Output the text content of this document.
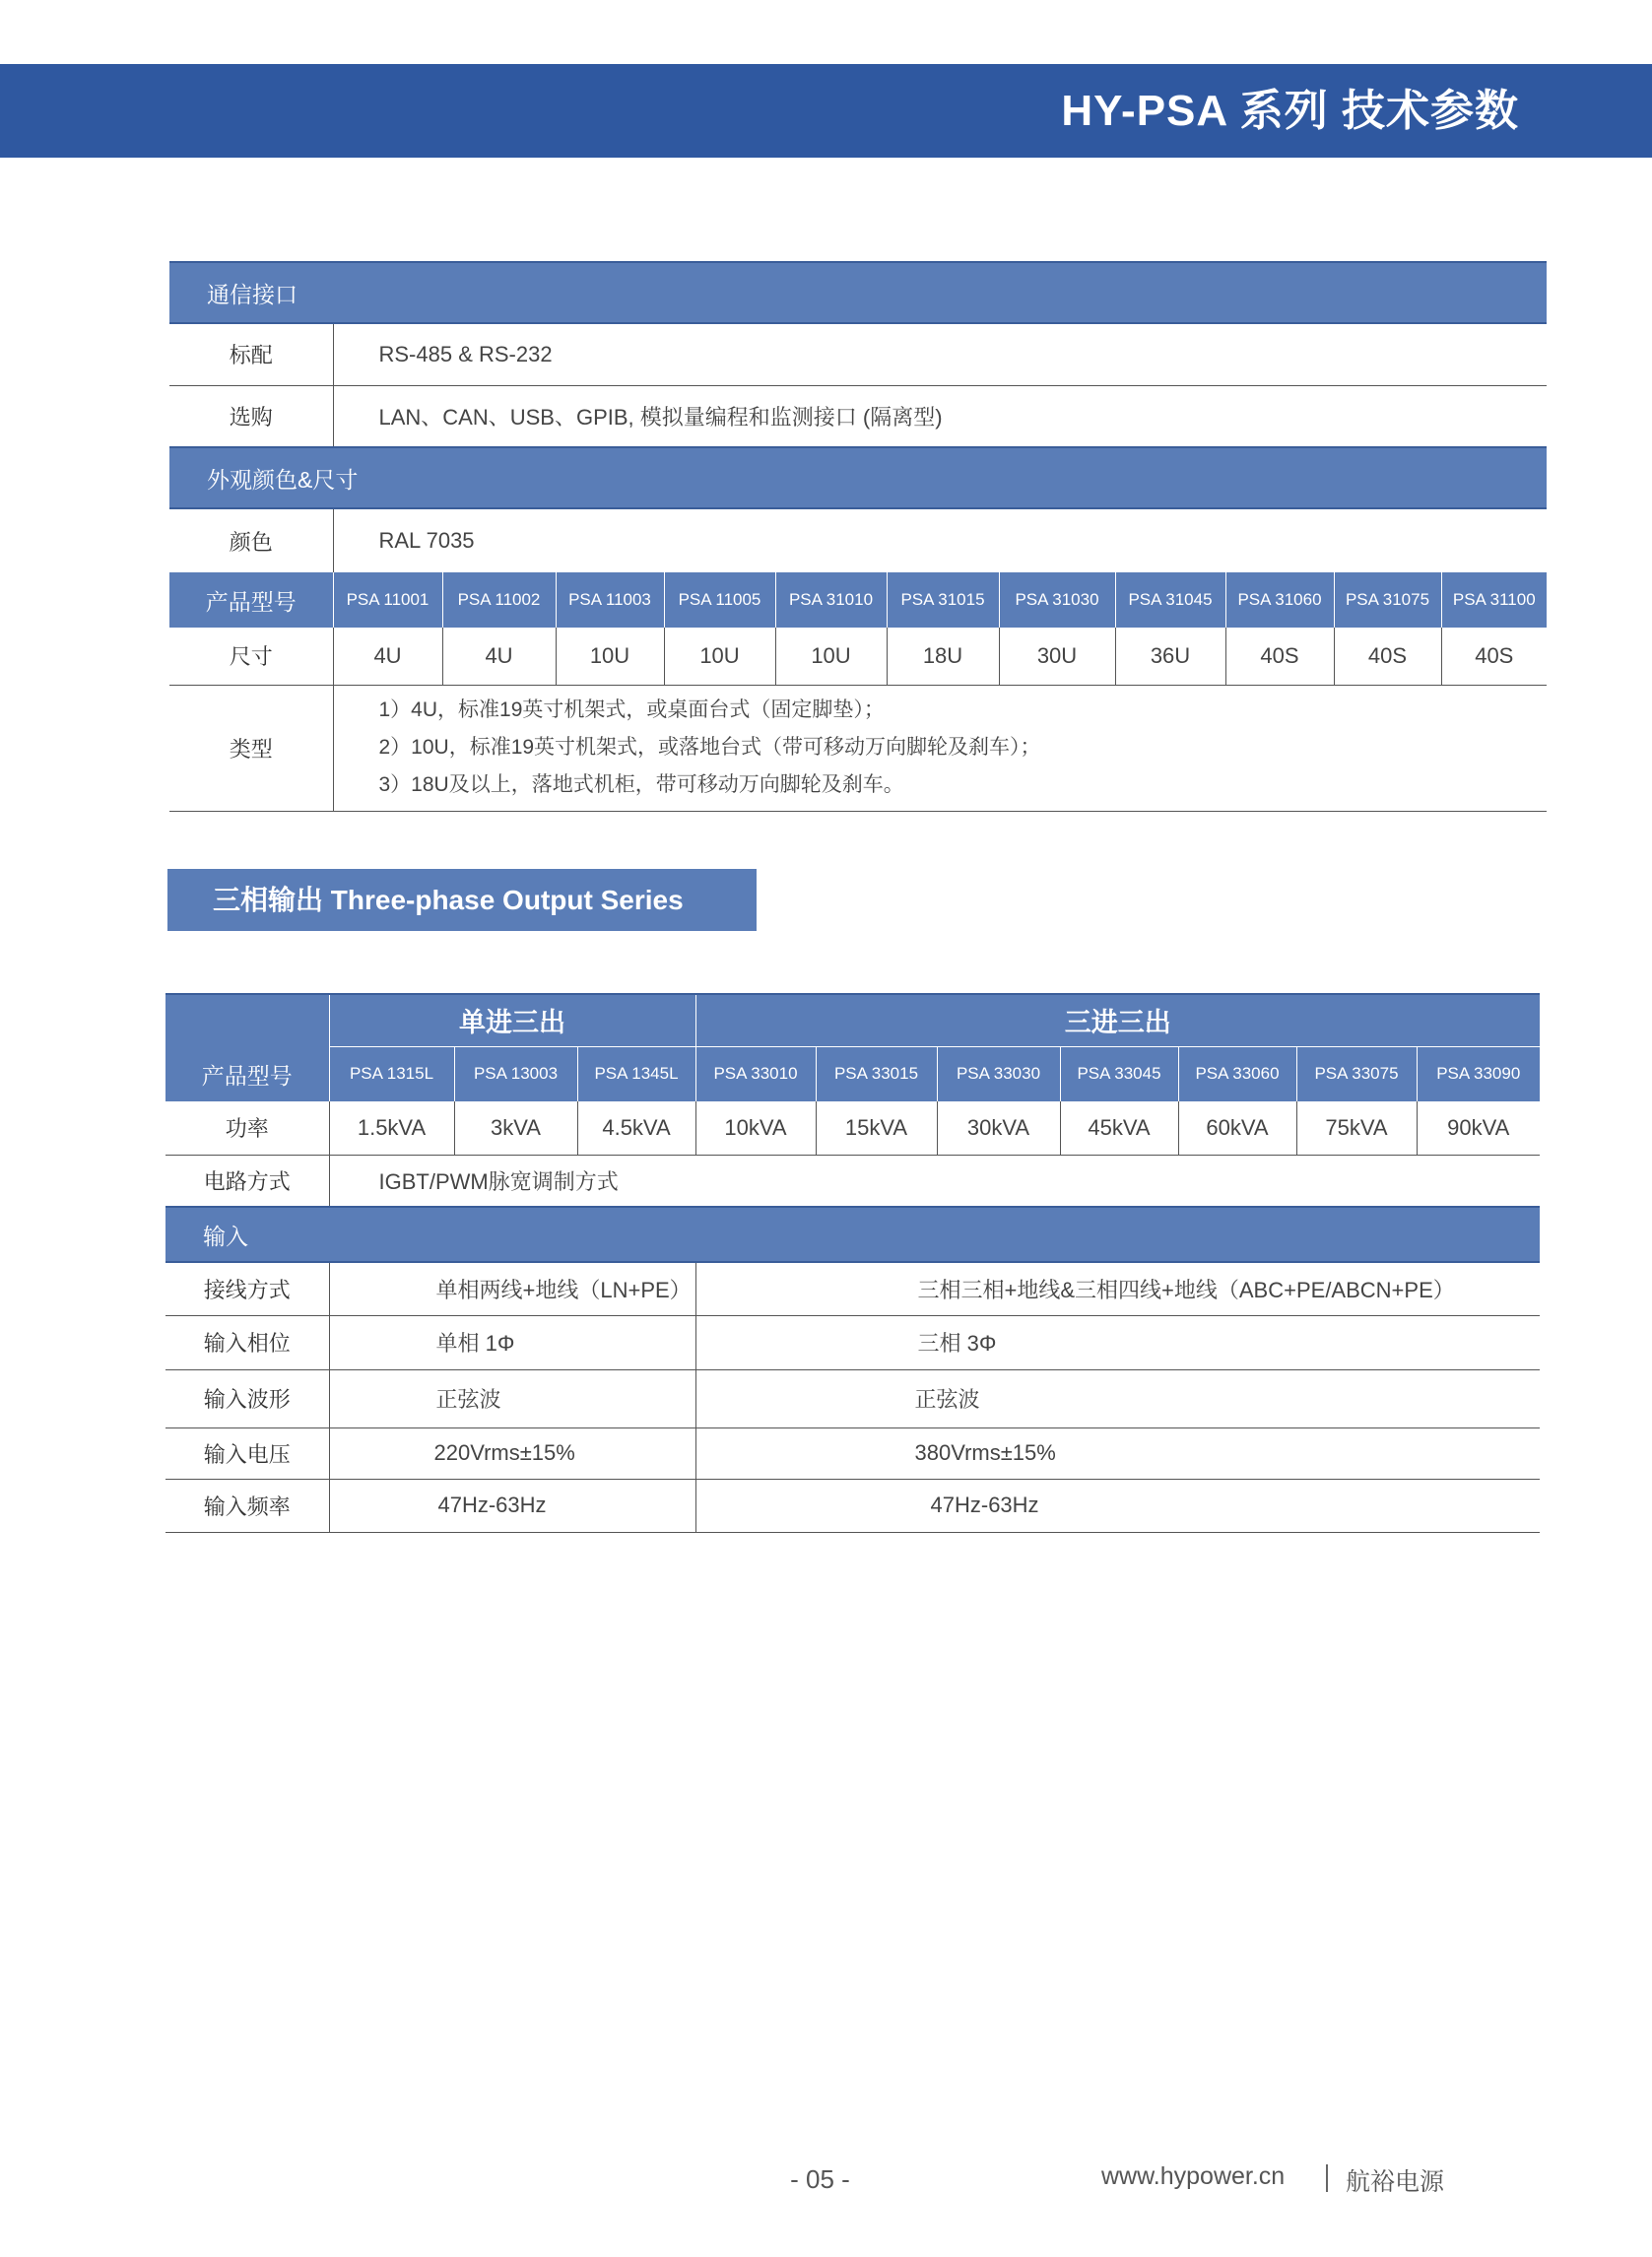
HY-PSA 系列 技术参数
通信接口											
标配	RS-485 & RS-232										
选购	LAN、CAN、USB、GPIB, 模拟量编程和监测接口 (隔离型)										
外观颜色&尺寸											
颜色	RAL 7035										
产品型号	PSA 11001	PSA 11002	PSA 11003	PSA 11005	PSA 31010	PSA 31015	PSA 31030	PSA 31045	PSA 31060	PSA 31075	PSA 31100
尺寸	4U	4U	10U	10U	10U	18U	30U	36U	40S	40S	40S
类型	1）4U，标准19英寸机架式，或桌面台式（固定脚垫）；
2）10U，标准19英寸机架式，或落地台式（带可移动万向脚轮及刹车）；
3）18U及以上，落地式机柜，带可移动万向脚轮及刹车。										
三相输出 Three-phase Output Series
	单进三出			三进三出						
产品型号	PSA 1315L	PSA 13003	PSA 1345L	PSA 33010	PSA 33015	PSA 33030	PSA 33045	PSA 33060	PSA 33075	PSA 33090
功率	1.5kVA	3kVA	4.5kVA	10kVA	15kVA	30kVA	45kVA	60kVA	75kVA	90kVA
电路方式	IGBT/PWM脉宽调制方式									
输入										
接线方式	单相两线+地线（LN+PE）			三相三相+地线&三相四线+地线（ABC+PE/ABCN+PE）						
输入相位	单相 1Φ			三相 3Φ						
输入波形	正弦波			正弦波						
输入电压	220Vrms±15%			380Vrms±15%						
输入频率	47Hz-63Hz			47Hz-63Hz						
- 05 -	www.hypower.cn 航裕电源
